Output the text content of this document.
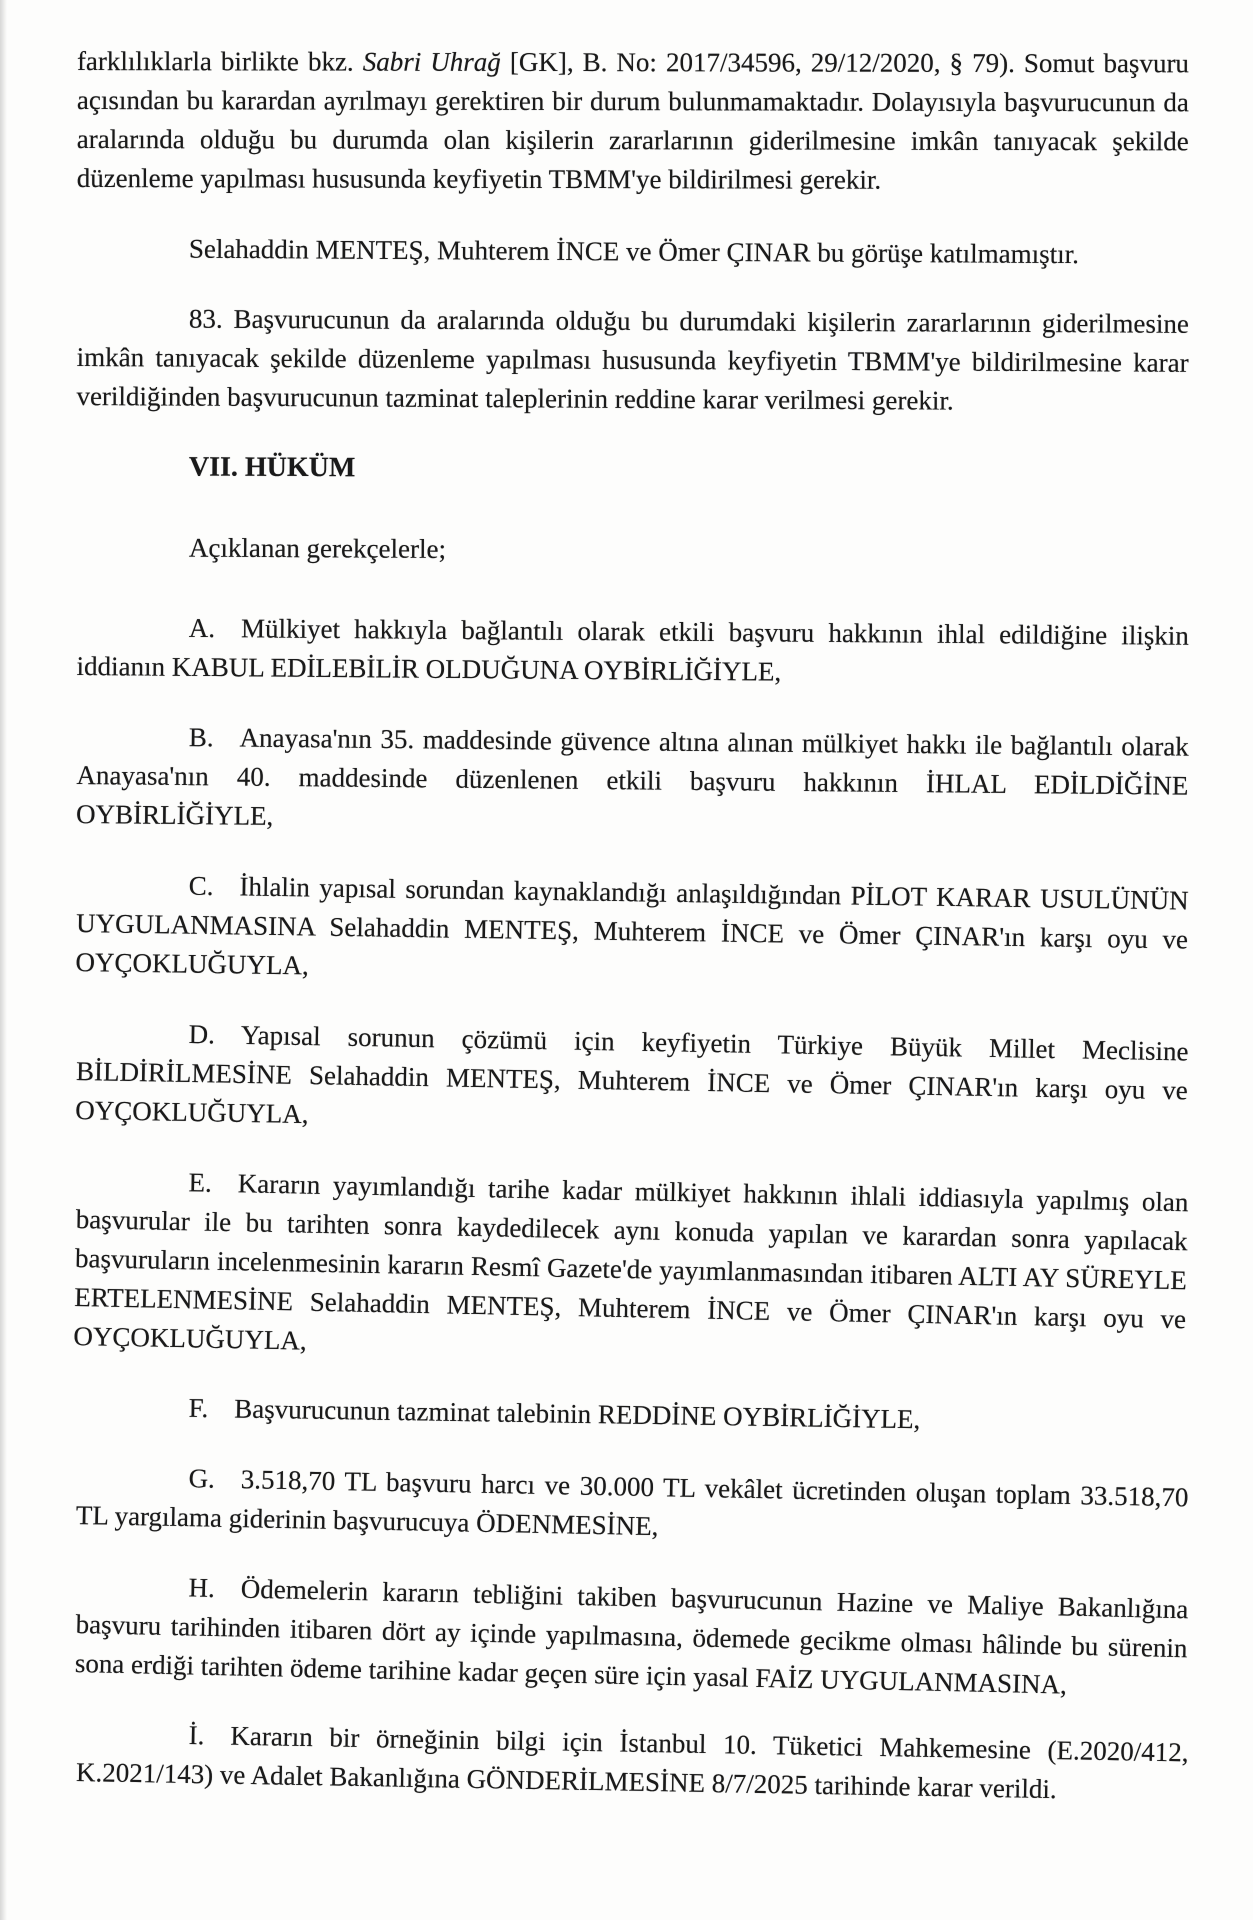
farklılıklarla birlikte bkz. Sabri Uhrağ [GK], B. No: 2017/34596, 29/12/2020, § 79). Somut başvuru açısından bu karardan ayrılmayı gerektiren bir durum bulunmamaktadır. Dolayısıyla başvurucunun da aralarında olduğu bu durumda olan kişilerin zararlarının giderilmesine imkân tanıyacak şekilde düzenleme yapılması hususunda keyfiyetin TBMM'ye bildirilmesi gerekir.

Selahaddin MENTEŞ, Muhterem İNCE ve Ömer ÇINAR bu görüşe katılmamıştır.

83. Başvurucunun da aralarında olduğu bu durumdaki kişilerin zararlarının giderilmesine imkân tanıyacak şekilde düzenleme yapılması hususunda keyfiyetin TBMM'ye bildirilmesine karar verildiğinden başvurucunun tazminat taleplerinin reddine karar verilmesi gerekir.

VII. HÜKÜM

Açıklanan gerekçelerle;

A. Mülkiyet hakkıyla bağlantılı olarak etkili başvuru hakkının ihlal edildiğine ilişkin iddianın KABUL EDİLEBİLİR OLDUĞUNA OYBİRLİĞİYLE,

B. Anayasa'nın 35. maddesinde güvence altına alınan mülkiyet hakkı ile bağlantılı olarak Anayasa'nın 40. maddesinde düzenlenen etkili başvuru hakkının İHLAL EDİLDİĞİNE OYBİRLİĞİYLE,

C. İhlalin yapısal sorundan kaynaklandığı anlaşıldığından PİLOT KARAR USULÜNÜN UYGULANMASINA Selahaddin MENTEŞ, Muhterem İNCE ve Ömer ÇINAR'ın karşı oyu ve OYÇOKLUĞUYLA,

D. Yapısal sorunun çözümü için keyfiyetin Türkiye Büyük Millet Meclisine BİLDİRİLMESİNE Selahaddin MENTEŞ, Muhterem İNCE ve Ömer ÇINAR'ın karşı oyu ve OYÇOKLUĞUYLA,

E. Kararın yayımlandığı tarihe kadar mülkiyet hakkının ihlali iddiasıyla yapılmış olan başvurular ile bu tarihten sonra kaydedilecek aynı konuda yapılan ve karardan sonra yapılacak başvuruların incelenmesinin kararın Resmî Gazete'de yayımlanmasından itibaren ALTI AY SÜREYLE ERTELENMESİNE Selahaddin MENTEŞ, Muhterem İNCE ve Ömer ÇINAR'ın karşı oyu ve OYÇOKLUĞUYLA,

F. Başvurucunun tazminat talebinin REDDİNE OYBİRLİĞİYLE,

G. 3.518,70 TL başvuru harcı ve 30.000 TL vekâlet ücretinden oluşan toplam 33.518,70 TL yargılama giderinin başvurucuya ÖDENMESİNE,

H. Ödemelerin kararın tebliğini takiben başvurucunun Hazine ve Maliye Bakanlığına başvuru tarihinden itibaren dört ay içinde yapılmasına, ödemede gecikme olması hâlinde bu sürenin sona erdiği tarihten ödeme tarihine kadar geçen süre için yasal FAİZ UYGULANMASINA,

İ. Kararın bir örneğinin bilgi için İstanbul 10. Tüketici Mahkemesine (E.2020/412, K.2021/143) ve Adalet Bakanlığına GÖNDERİLMESİNE 8/7/2025 tarihinde karar verildi.
